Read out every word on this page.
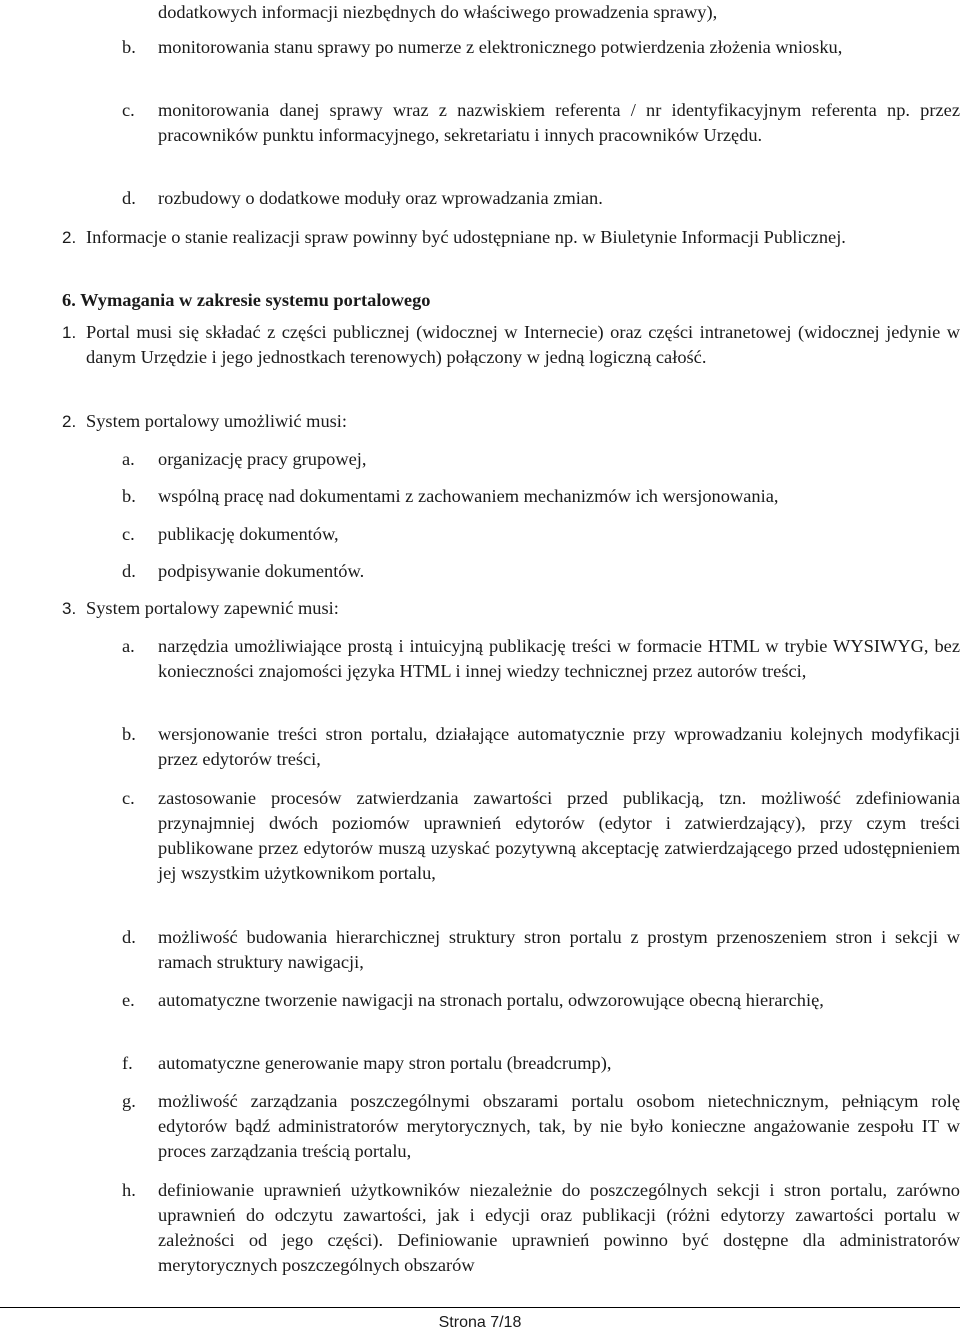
dodatkowych informacji niezbędnych do właściwego prowadzenia sprawy),
b. monitorowania stanu sprawy po numerze z elektronicznego potwierdzenia złożenia wniosku,
c. monitorowania danej sprawy wraz z nazwiskiem referenta / nr identyfikacyjnym referenta np. przez pracowników punktu informacyjnego, sekretariatu i innych pracowników Urzędu.
d. rozbudowy o dodatkowe moduły oraz wprowadzania zmian.
2. Informacje o stanie realizacji spraw powinny być udostępniane np. w Biuletynie Informacji Publicznej.
6. Wymagania w zakresie systemu portalowego
1. Portal musi się składać z części publicznej (widocznej w Internecie) oraz części intranetowej (widocznej jedynie w danym Urzędzie i jego jednostkach terenowych) połączony w jedną logiczną całość.
2. System portalowy umożliwić musi:
a. organizację pracy grupowej,
b. wspólną pracę nad dokumentami z zachowaniem mechanizmów ich wersjonowania,
c. publikację dokumentów,
d. podpisywanie dokumentów.
3. System portalowy zapewnić musi:
a. narzędzia umożliwiające prostą i intuicyjną publikację treści w formacie HTML w trybie WYSIWYG, bez konieczności znajomości języka HTML i innej wiedzy technicznej przez autorów treści,
b. wersjonowanie treści stron portalu, działające automatycznie przy wprowadzaniu kolejnych modyfikacji przez edytorów treści,
c. zastosowanie procesów zatwierdzania zawartości przed publikacją, tzn. możliwość zdefiniowania przynajmniej dwóch poziomów uprawnień edytorów (edytor i zatwierdzający), przy czym treści publikowane przez edytorów muszą uzyskać pozytywną akceptację zatwierdzającego przed udostępnieniem jej wszystkim użytkownikom portalu,
d. możliwość budowania hierarchicznej struktury stron portalu z prostym przenoszeniem stron i sekcji w ramach struktury nawigacji,
e. automatyczne tworzenie nawigacji na stronach portalu, odwzorowujące obecną hierarchię,
f. automatyczne generowanie mapy stron portalu (breadcrump),
g. możliwość zarządzania poszczególnymi obszarami portalu osobom nietechnicznym, pełniącym rolę edytorów bądź administratorów merytorycznych, tak, by nie było konieczne angażowanie zespołu IT w proces zarządzania treścią portalu,
h. definiowanie uprawnień użytkowników niezależnie do poszczególnych sekcji i stron portalu, zarówno uprawnień do odczytu zawartości, jak i edycji oraz publikacji (różni edytorzy zawartości portalu w zależności od jego części). Definiowanie uprawnień powinno być dostępne dla administratorów merytorycznych poszczególnych obszarów
Strona 7/18
